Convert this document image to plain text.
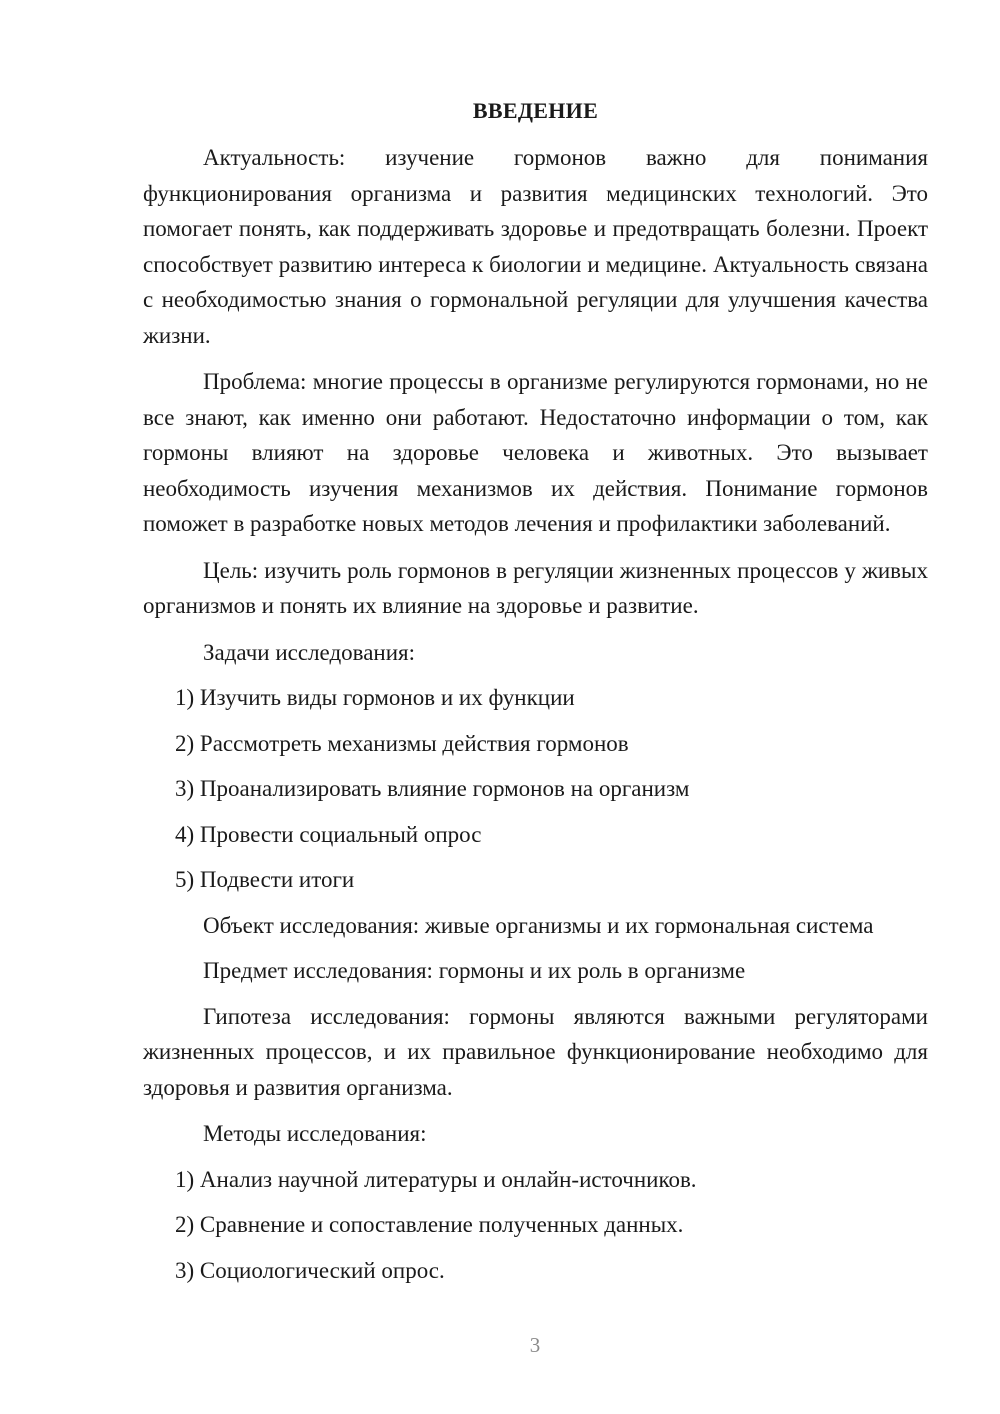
ВВЕДЕНИЕ

Актуальность: изучение гормонов важно для понимания функционирования организма и развития медицинских технологий. Это помогает понять, как поддерживать здоровье и предотвращать болезни. Проект способствует развитию интереса к биологии и медицине. Актуальность связана с необходимостью знания о гормональной регуляции для улучшения качества жизни.

Проблема: многие процессы в организме регулируются гормонами, но не все знают, как именно они работают. Недостаточно информации о том, как гормоны влияют на здоровье человека и животных. Это вызывает необходимость изучения механизмов их действия. Понимание гормонов поможет в разработке новых методов лечения и профилактики заболеваний.

Цель: изучить роль гормонов в регуляции жизненных процессов у живых организмов и понять их влияние на здоровье и развитие.

Задачи исследования:

1) Изучить виды гормонов и их функции

2) Рассмотреть механизмы действия гормонов

3) Проанализировать влияние гормонов на организм

4) Провести социальный опрос

5) Подвести итоги

Объект исследования: живые организмы и их гормональная система

Предмет исследования: гормоны и их роль в организме

Гипотеза исследования: гормоны являются важными регуляторами жизненных процессов, и их правильное функционирование необходимо для здоровья и развития организма.

Методы исследования:

1) Анализ научной литературы и онлайн-источников.

2) Сравнение и сопоставление полученных данных.

3) Социологический опрос.

3
